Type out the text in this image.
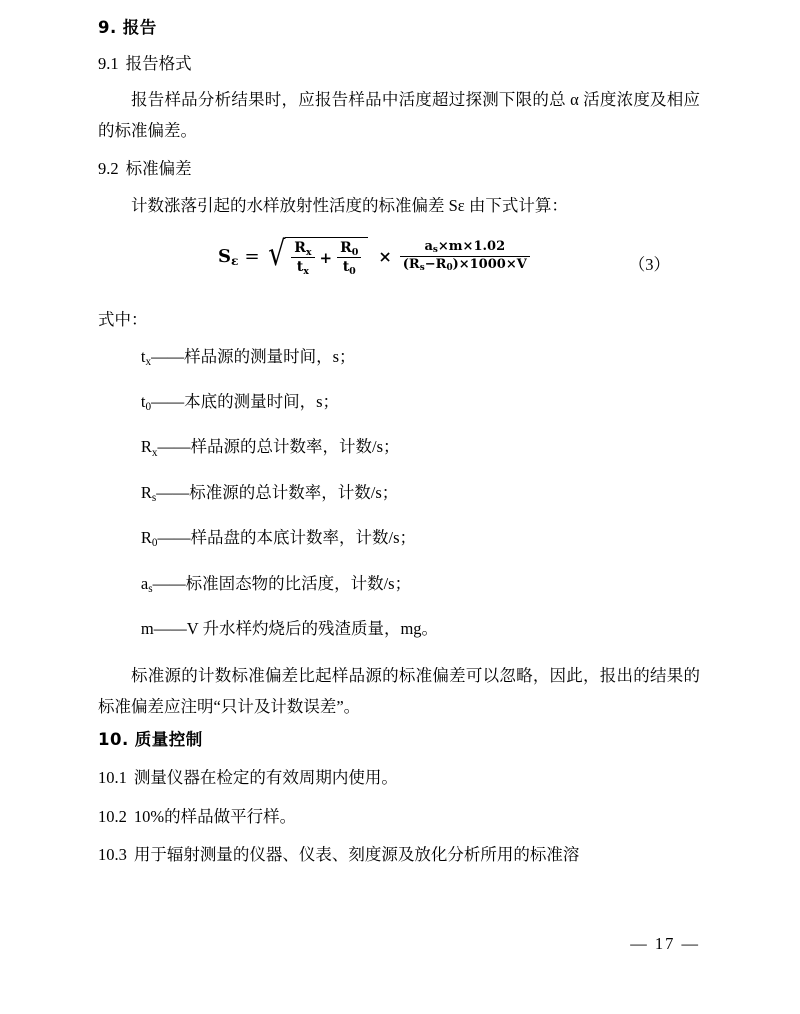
9. 报告
9.1 报告格式
报告样品分析结果时，应报告样品中活度超过探测下限的总 α 活度浓度及相应的标准偏差。
9.2 标准偏差
计数涨落引起的水样放射性活度的标准偏差 Sε 由下式计算：
$S_\varepsilon$ = √ $\frac{R_x}{t_x} + \frac{R_0}{t_0} \times \frac{a_s\times m\times 1.02}{(R_s-R_0)\times 1000\times V}$	（3）
式中：
$t_x——$样品源的测量时间，s；
$t_0——$本底的测量时间，s；
$R_x——$样品源的总计数率，计数/s；
$R_s——$标准源的总计数率，计数/s；
$R_0——$样品盘的本底计数率，计数/s；
$a_s——$标准固态物的比活度，计数/s；
m——V 升水样灼烧后的残渣质量，mg。
标准源的计数标准偏差比起样品源的标准偏差可以忽略，因此，报出的结果的标准偏差应注明“只计及计数误差”。
10. 质量控制
10.1 测量仪器在检定的有效周期内使用。
10.2 10%的样品做平行样。
10.3 用于辐射测量的仪器、仪表、刻度源及放化分析所用的标准溶
— 17 —
